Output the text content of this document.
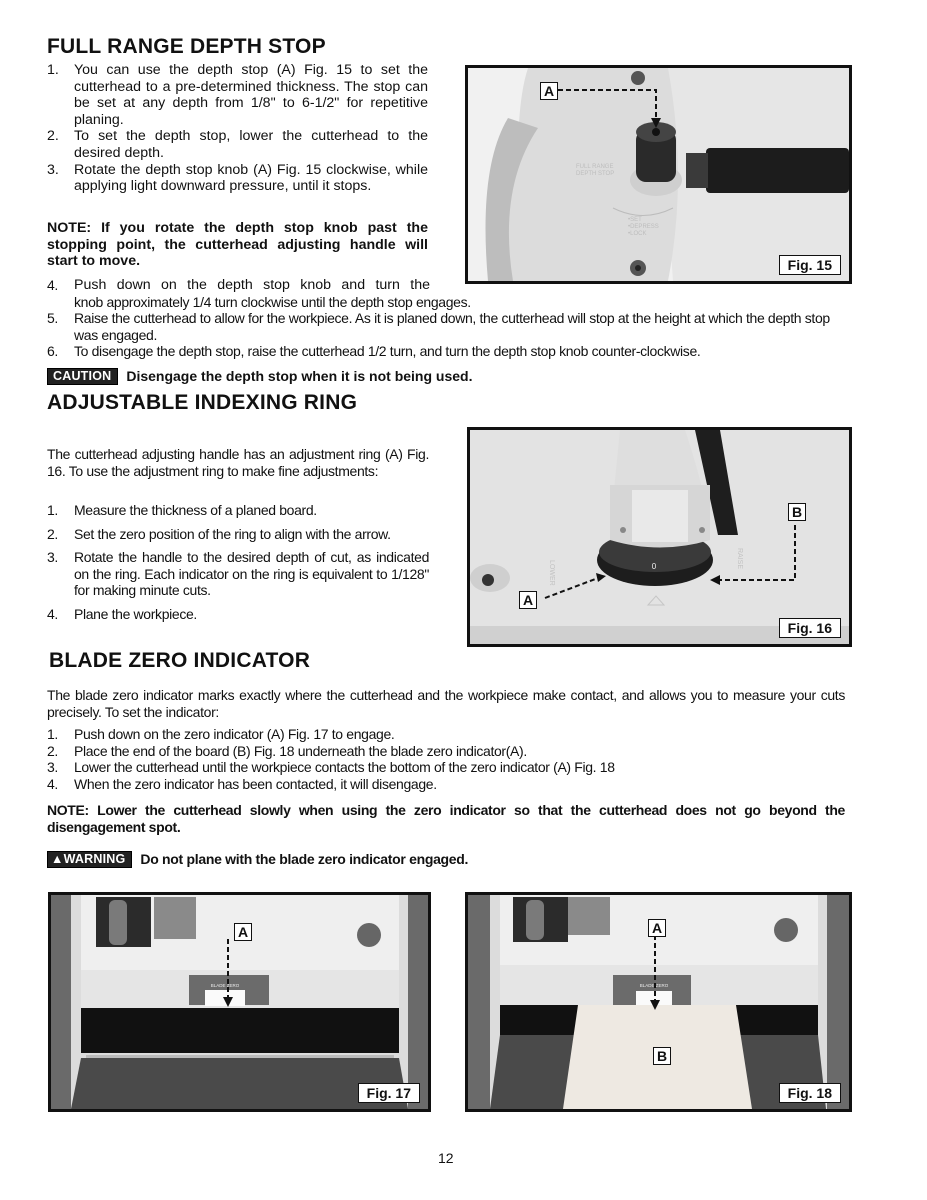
FULL RANGE DEPTH STOP
1. You can use the depth stop (A) Fig. 15 to set the cutterhead to a pre-determined thickness. The stop can be set at any depth from 1/8" to 6-1/2" for repetitive planing.
2. To set the depth stop, lower the cutterhead to the desired depth.
3. Rotate the depth stop knob (A) Fig. 15 clockwise, while applying light downward pressure, until it stops.
NOTE: If you rotate the depth stop knob past the stopping point, the cutterhead adjusting handle will start to move.
FULL RANGE
DEPTH STOP
•SET
•DEPRESS
•LOCK
A
Fig. 15
4. Push down on the depth stop knob and turn the
knob approximately 1/4 turn clockwise until the depth stop engages.
5. Raise the cutterhead to allow for the workpiece. As it is planed down, the cutterhead will stop at the height at which the depth stop was engaged.
6. To disengage the depth stop, raise the cutterhead 1/2 turn, and turn the depth stop knob counter-clockwise.
CAUTION Disengage the depth stop when it is not being used.
ADJUSTABLE INDEXING RING
The cutterhead adjusting handle has an adjustment ring (A) Fig. 16. To use the adjustment ring to make fine adjustments:
1. Measure the thickness of a planed board.
2. Set the zero position of the ring to align with the arrow.
3. Rotate the handle to the desired depth of cut, as indicated on the ring. Each indicator on the ring is equivalent to 1/128" for making minute cuts.
4. Plane the workpiece.
0
LOWER
RAISE
A
B
Fig. 16
BLADE ZERO INDICATOR
The blade zero indicator marks exactly where the cutterhead and the workpiece make contact, and allows you to measure your cuts precisely. To set the indicator:
1. Push down on the zero indicator (A) Fig. 17 to engage.
2. Place the end of the board (B) Fig. 18 underneath the blade zero indicator(A).
3. Lower the cutterhead until the workpiece contacts the bottom of the zero indicator (A) Fig. 18
4. When the zero indicator has been contacted, it will disengage.
NOTE: Lower the cutterhead slowly when using the zero indicator so that the cutterhead does not go beyond the disengagement spot.
▲WARNING Do not plane with the blade zero indicator engaged.
BLADE ZERO
A
Fig. 17
BLADE ZERO
A
B
Fig. 18
12
